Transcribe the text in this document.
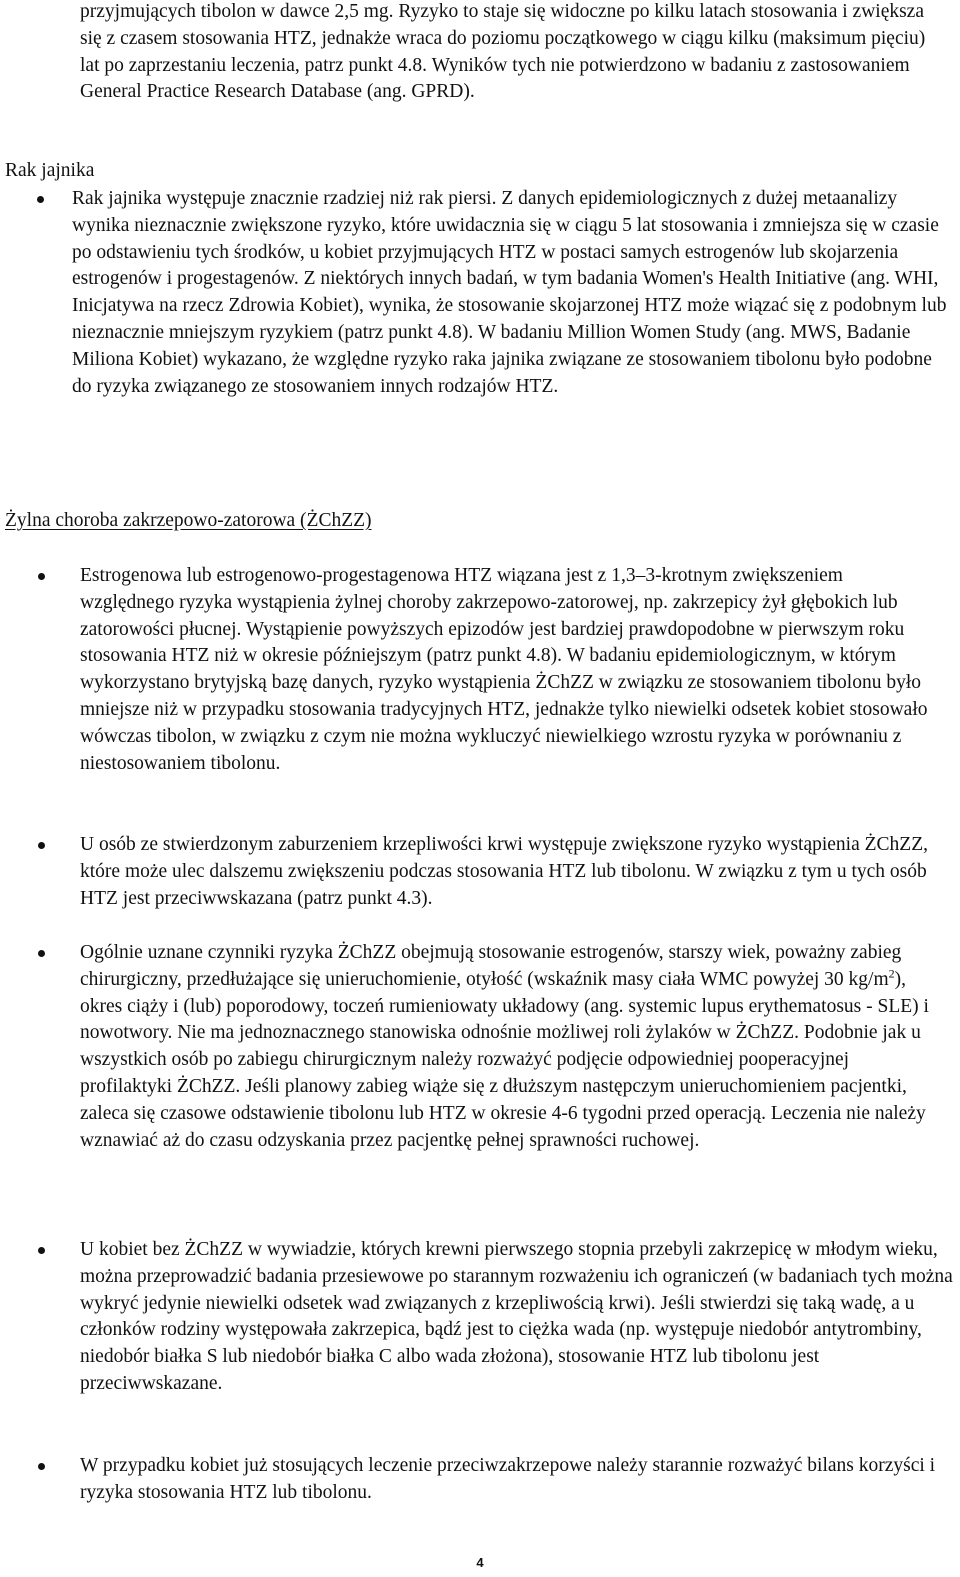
przyjmujących tibolon w dawce 2,5 mg. Ryzyko to staje się widoczne po kilku latach stosowania i zwiększa się z czasem stosowania HTZ, jednakże wraca do poziomu początkowego w ciągu kilku (maksimum pięciu) lat po zaprzestaniu leczenia, patrz punkt 4.8. Wyników tych nie potwierdzono w badaniu z zastosowaniem General Practice Research Database (ang. GPRD).

Rak jajnika
Rak jajnika występuje znacznie rzadziej niż rak piersi. Z danych epidemiologicznych z dużej metaanalizy wynika nieznacznie zwiększone ryzyko, które uwidacznia się w ciągu 5 lat stosowania i zmniejsza się w czasie po odstawieniu tych środków, u kobiet przyjmujących HTZ w postaci samych estrogenów lub skojarzenia estrogenów i progestagenów. Z niektórych innych badań, w tym badania Women's Health Initiative (ang. WHI, Inicjatywa na rzecz Zdrowia Kobiet), wynika, że stosowanie skojarzonej HTZ może wiązać się z podobnym lub nieznacznie mniejszym ryzykiem (patrz punkt 4.8). W badaniu Million Women Study (ang. MWS, Badanie Miliona Kobiet) wykazano, że względne ryzyko raka jajnika związane ze stosowaniem tibolonu było podobne do ryzyka związanego ze stosowaniem innych rodzajów HTZ.
Żylna choroba zakrzepowo-zatorowa (ŻChZZ)
Estrogenowa lub estrogenowo-progestagenowa HTZ wiązana jest z 1,3–3-krotnym zwiększeniem względnego ryzyka wystąpienia żylnej choroby zakrzepowo-zatorowej, np. zakrzepicy żył głębokich lub zatorowości płucnej. Wystąpienie powyższych epizodów jest bardziej prawdopodobne w pierwszym roku stosowania HTZ niż w okresie późniejszym (patrz punkt 4.8). W badaniu epidemiologicznym, w którym wykorzystano brytyjską bazę danych, ryzyko wystąpienia ŻChZZ w związku ze stosowaniem tibolonu było mniejsze niż w przypadku stosowania tradycyjnych HTZ, jednakże tylko niewielki odsetek kobiet stosowało wówczas tibolon, w związku z czym nie można wykluczyć niewielkiego wzrostu ryzyka w porównaniu z niestosowaniem tibolonu.
U osób ze stwierdzonym zaburzeniem krzepliwości krwi występuje zwiększone ryzyko wystąpienia ŻChZZ, które może ulec dalszemu zwiększeniu podczas stosowania HTZ lub tibolonu. W związku z tym u tych osób HTZ jest przeciwwskazana (patrz punkt 4.3).
Ogólnie uznane czynniki ryzyka ŻChZZ obejmują stosowanie estrogenów, starszy wiek, poważny zabieg chirurgiczny, przedłużające się unieruchomienie, otyłość (wskaźnik masy ciała WMC powyżej 30 $kg/m^2$), okres ciąży i (lub) poporodowy, toczeń rumieniowaty układowy (ang. systemic lupus erythematosus - SLE) i nowotwory. Nie ma jednoznacznego stanowiska odnośnie możliwej roli żylaków w ŻChZZ. Podobnie jak u wszystkich osób po zabiegu chirurgicznym należy rozważyć podjęcie odpowiedniej pooperacyjnej profilaktyki ŻChZZ. Jeśli planowy zabieg wiąże się z dłuższym następczym unieruchomieniem pacjentki, zaleca się czasowe odstawienie tibolonu lub HTZ w okresie 4-6 tygodni przed operacją. Leczenia nie należy wznawiać aż do czasu odzyskania przez pacjentkę pełnej sprawności ruchowej.
U kobiet bez ŻChZZ w wywiadzie, których krewni pierwszego stopnia przebyli zakrzepicę w młodym wieku, można przeprowadzić badania przesiewowe po starannym rozważeniu ich ograniczeń (w badaniach tych można wykryć jedynie niewielki odsetek wad związanych z krzepliwością krwi). Jeśli stwierdzi się taką wadę, a u członków rodziny występowała zakrzepica, bądź jest to ciężka wada (np. występuje niedobór antytrombiny, niedobór białka S lub niedobór białka C albo wada złożona), stosowanie HTZ lub tibolonu jest przeciwwskazane.
W przypadku kobiet już stosujących leczenie przeciwzakrzepowe należy starannie rozważyć bilans korzyści i ryzyka stosowania HTZ lub tibolonu.
4
